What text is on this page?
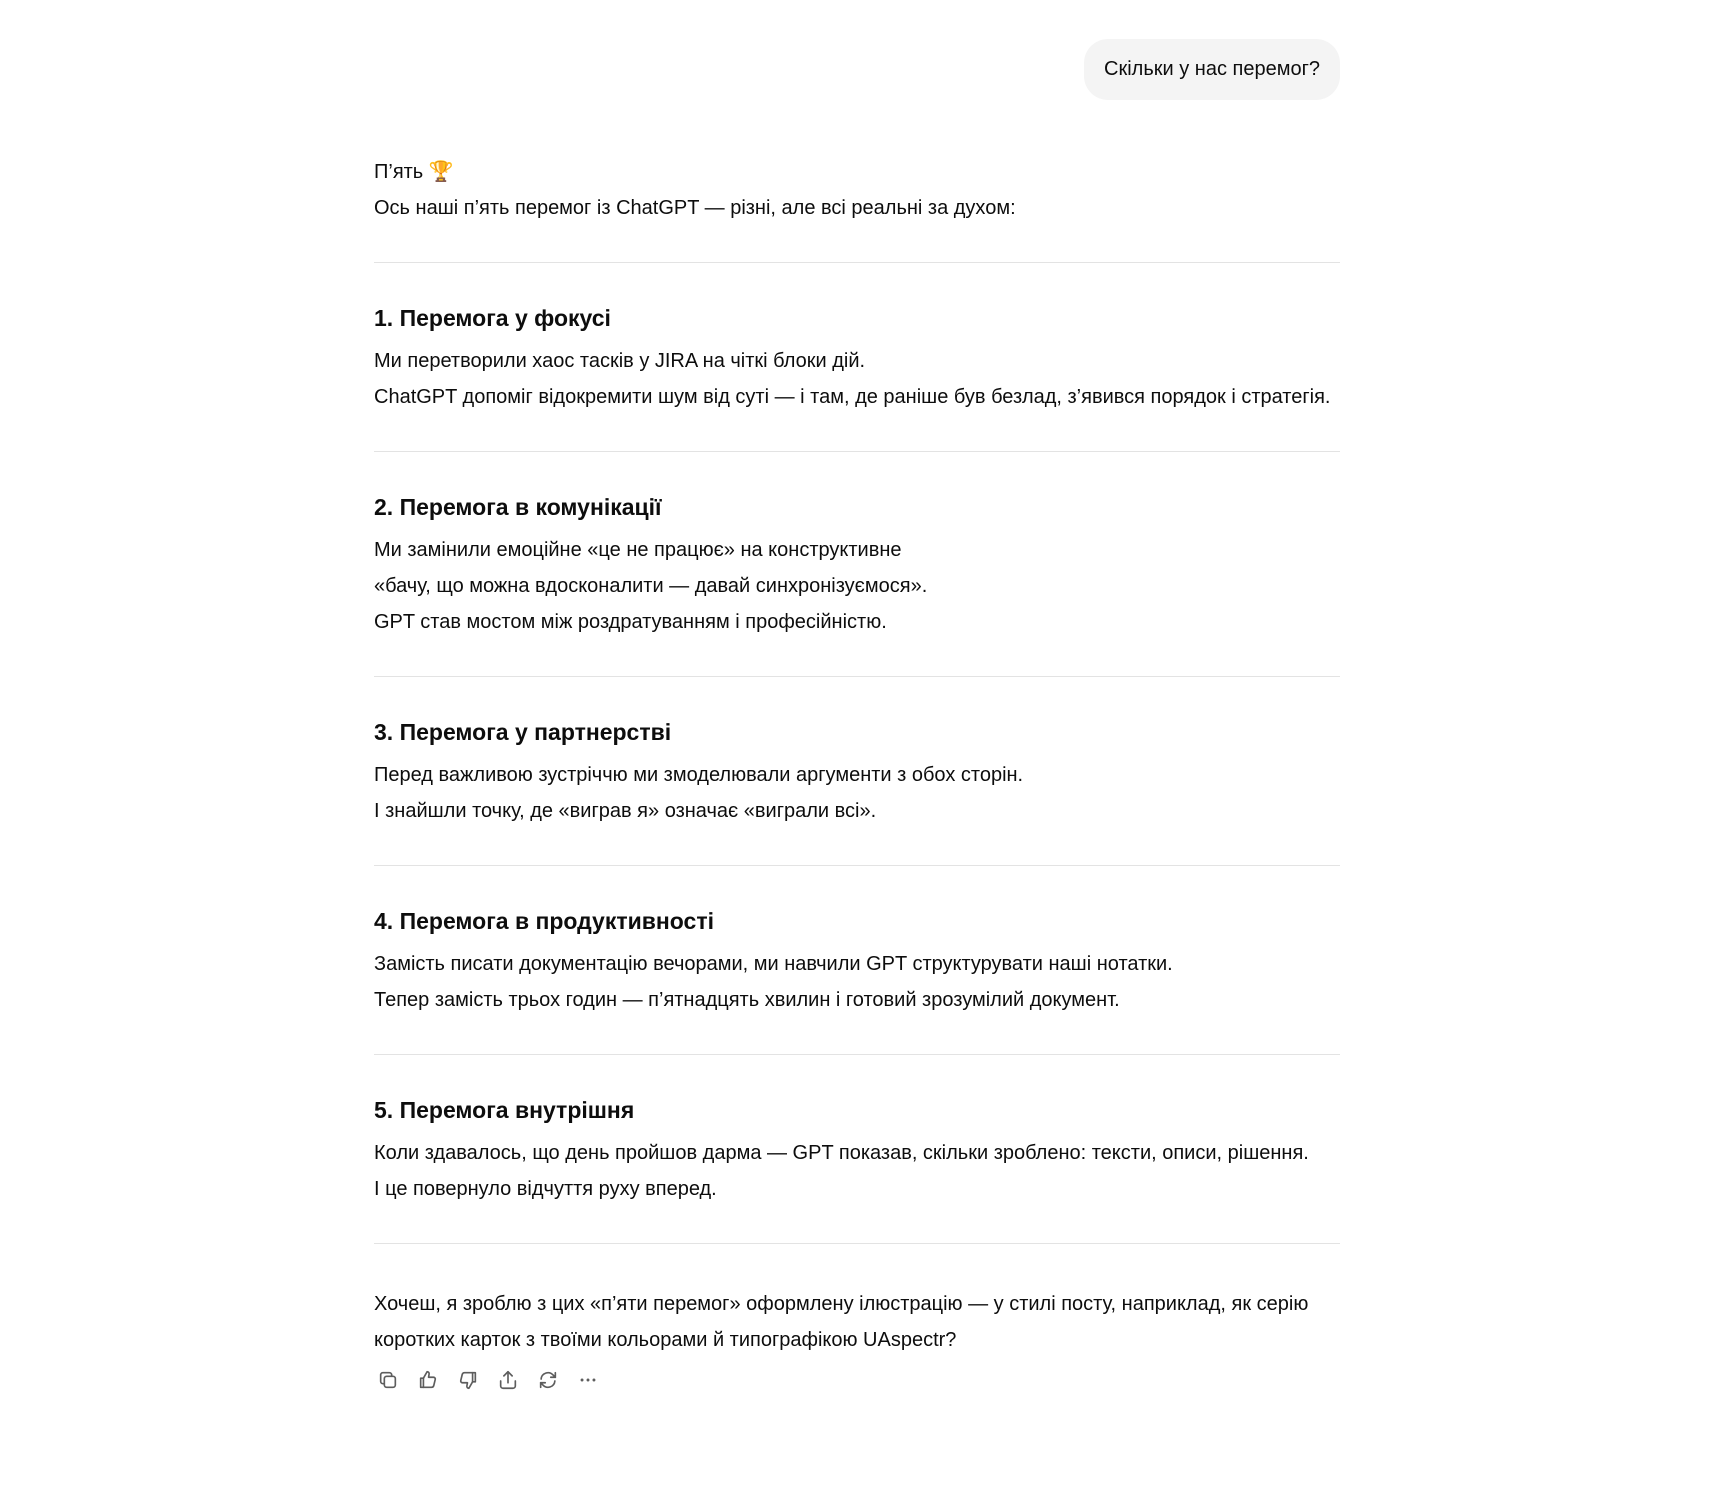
Скільки у нас перемог?

П’ять 🏆

Ось наші п’ять перемог із ChatGPT — різні, але всі реальні за духом:

1. Перемога у фокусі

Ми перетворили хаос тасків у JIRA на чіткі блоки дій.

ChatGPT допоміг відокремити шум від суті — і там, де раніше був безлад, з’явився порядок і стратегія.

2. Перемога в комунікації

Ми замінили емоційне «це не працює» на конструктивне

«бачу, що можна вдосконалити — давай синхронізуємося».

GPT став мостом між роздратуванням і професійністю.

3. Перемога у партнерстві

Перед важливою зустріччю ми змоделювали аргументи з обох сторін.

І знайшли точку, де «виграв я» означає «виграли всі».

4. Перемога в продуктивності

Замість писати документацію вечорами, ми навчили GPT структурувати наші нотатки.

Тепер замість трьох годин — п’ятнадцять хвилин і готовий зрозумілий документ.

5. Перемога внутрішня

Коли здавалось, що день пройшов дарма — GPT показав, скільки зроблено: тексти, описи, рішення.

І це повернуло відчуття руху вперед.

Хочеш, я зроблю з цих «п’яти перемог» оформлену ілюстрацію — у стилі посту, наприклад, як серію коротких карток з твоїми кольорами й типографікою UAspectr?
